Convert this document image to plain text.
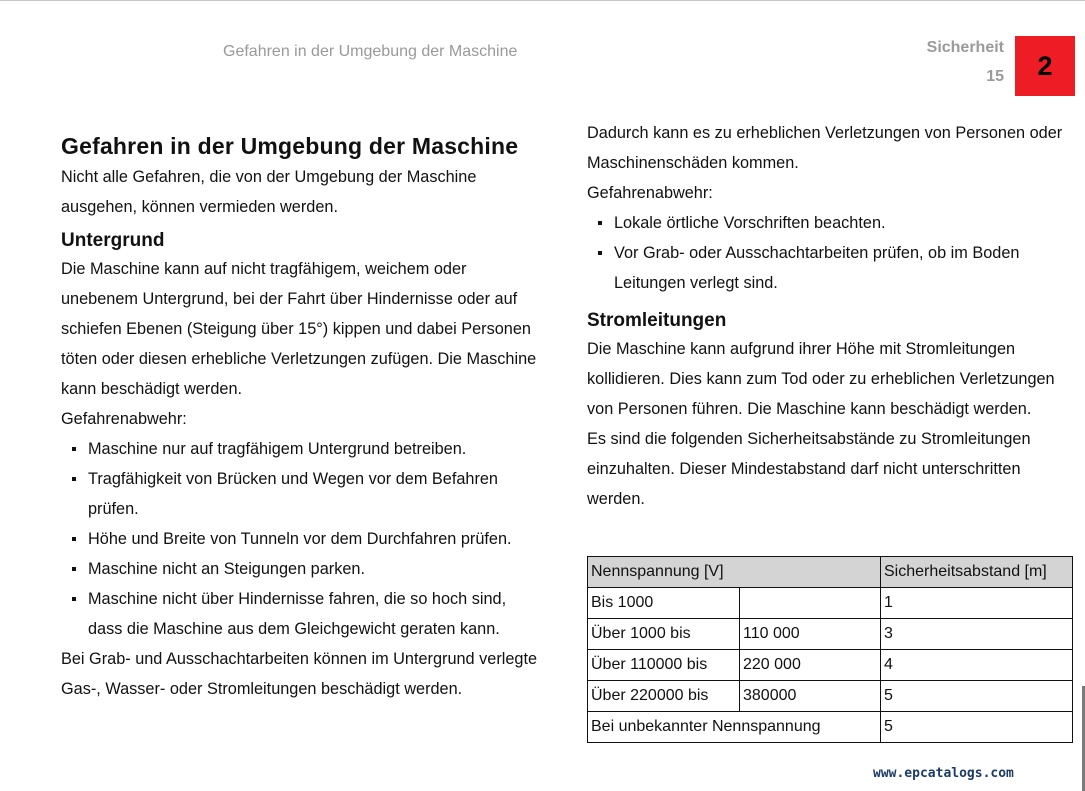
Gefahren in der Umgebung der Maschine	Sicherheit
15	2
Gefahren in der Umgebung der Maschine

Nicht alle Gefahren, die von der Umgebung der Maschine ausgehen, können vermieden werden.

Untergrund

Die Maschine kann auf nicht tragfähigem, weichem oder unebenem Untergrund, bei der Fahrt über Hindernisse oder auf schiefen Ebenen (Steigung über 15°) kippen und dabei Personen töten oder diesen erhebliche Verletzungen zufügen. Die Maschine kann beschädigt werden.

Gefahrenabwehr:

Maschine nur auf tragfähigem Untergrund betreiben.
Tragfähigkeit von Brücken und Wegen vor dem Befahren prüfen.
Höhe und Breite von Tunneln vor dem Durchfahren prüfen.
Maschine nicht an Steigungen parken.
Maschine nicht über Hindernisse fahren, die so hoch sind, dass die Maschine aus dem Gleichgewicht geraten kann.

Bei Grab- und Ausschachtarbeiten können im Untergrund verlegte Gas-, Wasser- oder Stromleitungen beschädigt werden.

Dadurch kann es zu erheblichen Verletzungen von Personen oder Maschinenschäden kommen.

Gefahrenabwehr:

Lokale örtliche Vorschriften beachten.
Vor Grab- oder Ausschachtarbeiten prüfen, ob im Boden Leitungen verlegt sind.
Stromleitungen

Die Maschine kann aufgrund ihrer Höhe mit Stromleitungen kollidieren. Dies kann zum Tod oder zu erheblichen Verletzungen von Personen führen. Die Maschine kann beschädigt werden.

Es sind die folgenden Sicherheitsabstände zu Stromleitungen einzuhalten. Dieser Mindestabstand darf nicht unterschritten werden.

Nennspannung [V]		Sicherheitsabstand [m]
Bis 1000		1
Über 1000 bis	110 000	3
Über 110000 bis	220 000	4
Über 220000 bis	380000	5
Bei unbekannter Nennspannung		5
www.epcatalogs.com
